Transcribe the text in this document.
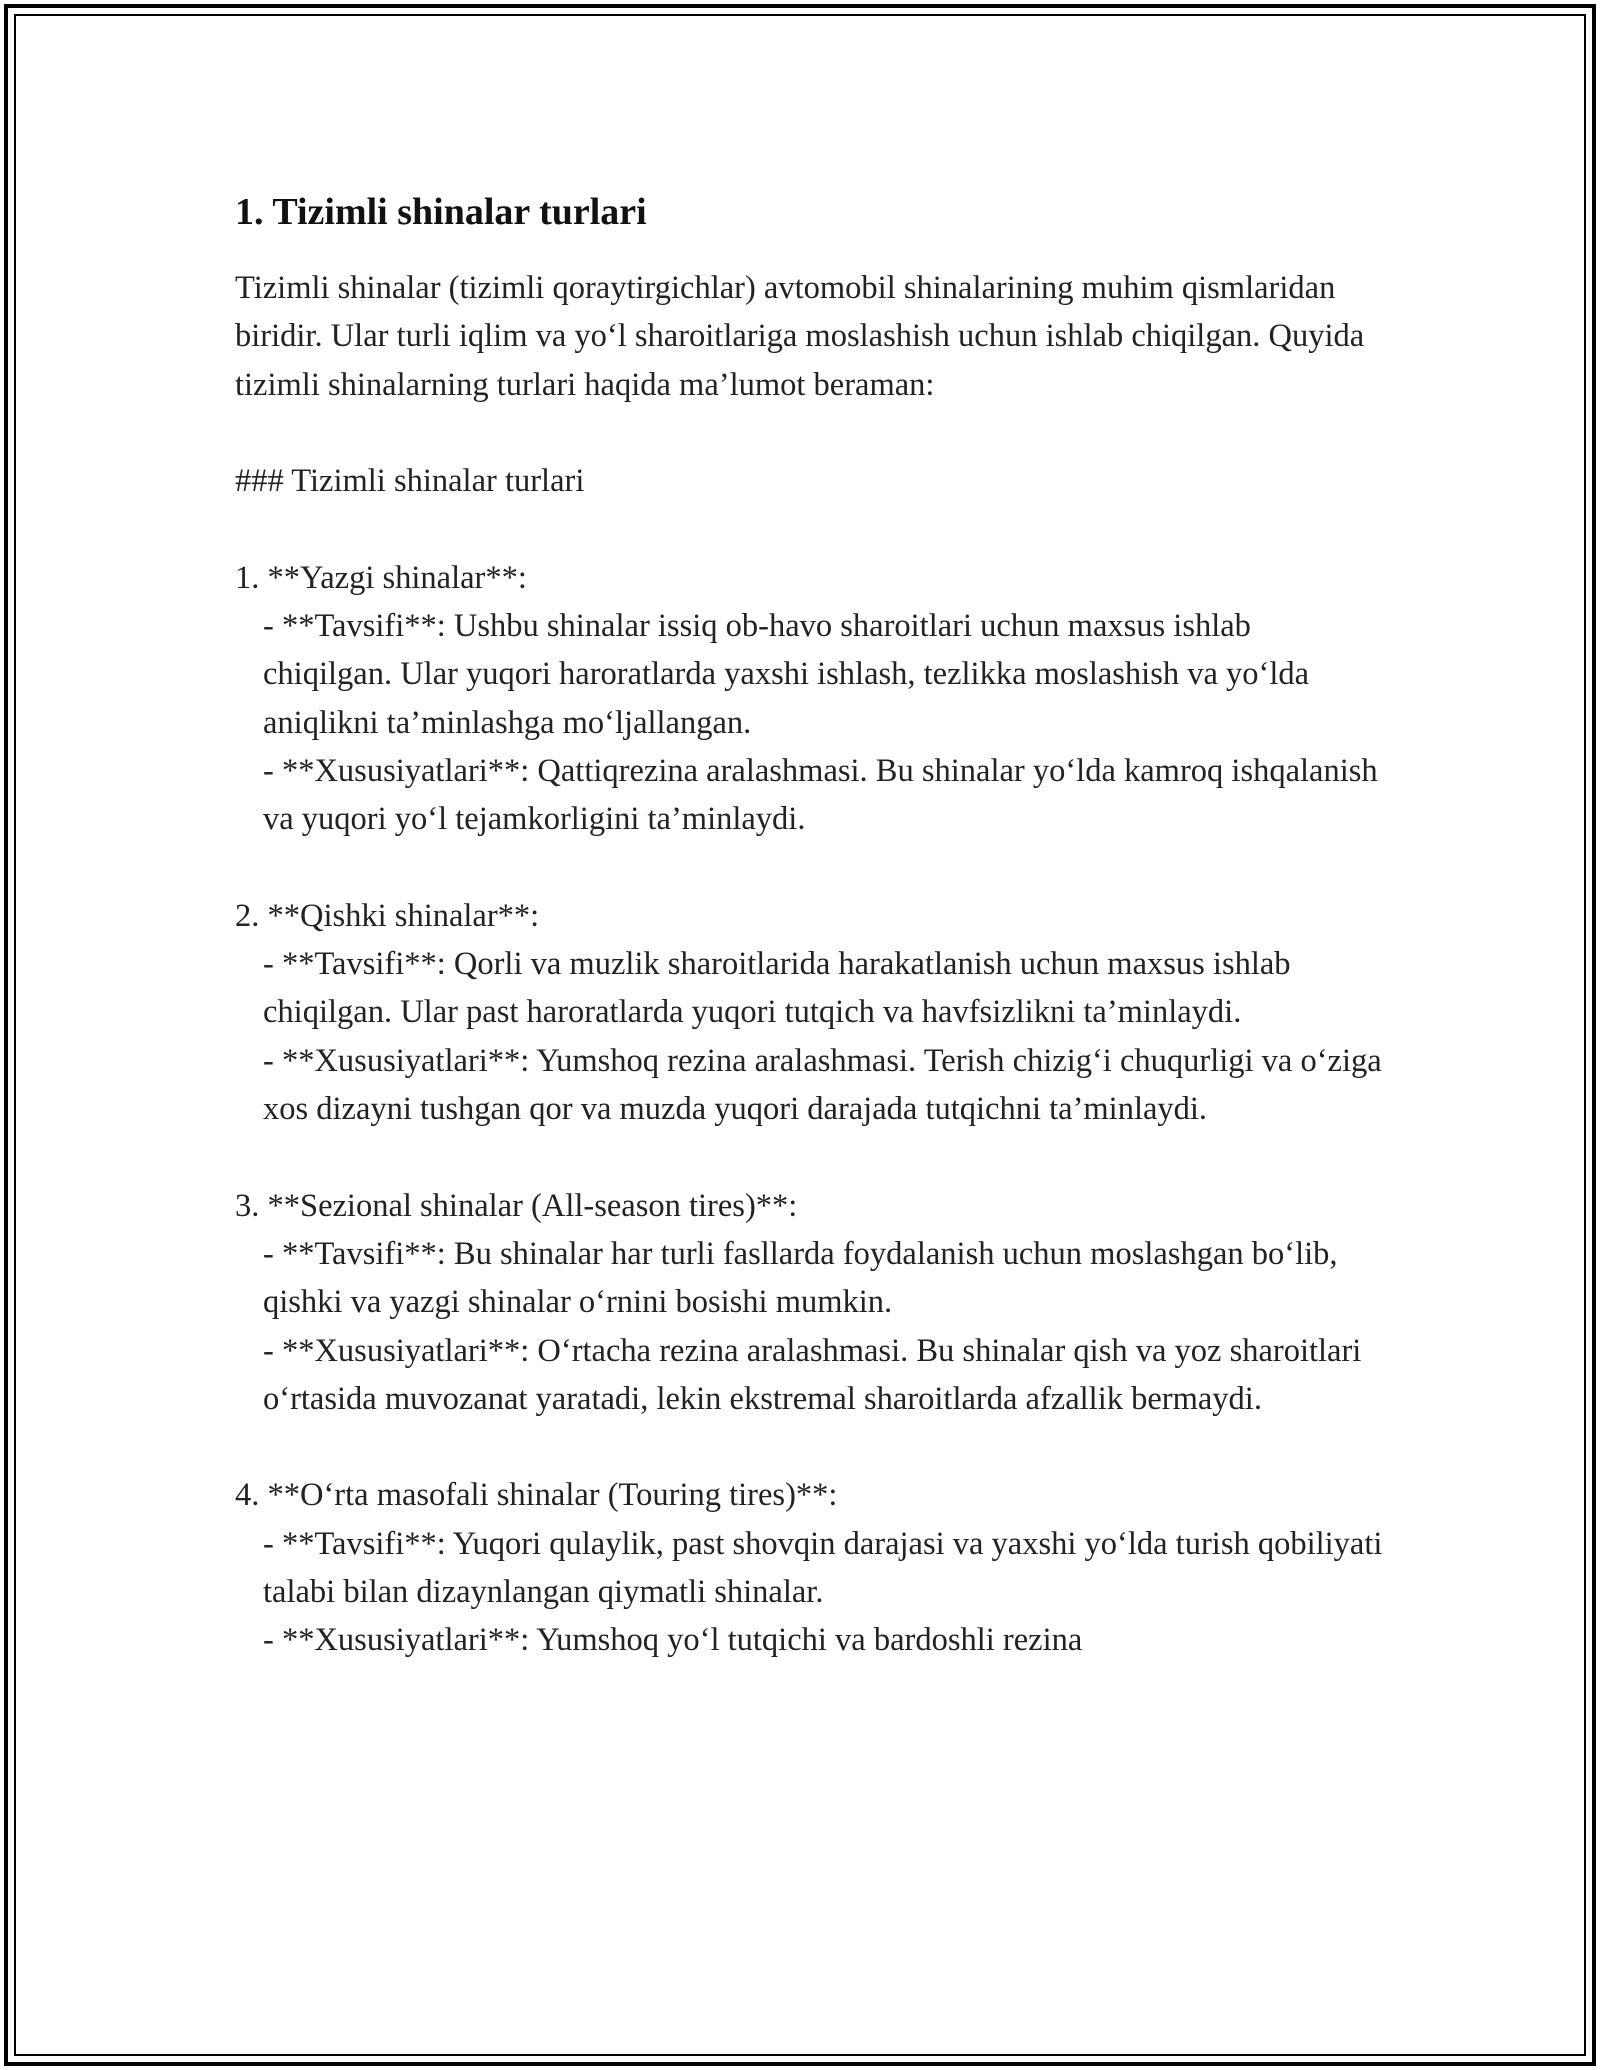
1. Tizimli shinalar turlari

Tizimli shinalar (tizimli qoraytirgichlar) avtomobil shinalarining muhim qismlaridan biridir. Ular turli iqlim va yo‘l sharoitlariga moslashish uchun ishlab chiqilgan. Quyida tizimli shinalarning turlari haqida ma’lumot beraman:

### Tizimli shinalar turlari

1. **Yazgi shinalar**:

- **Tavsifi**: Ushbu shinalar issiq ob-havo sharoitlari uchun maxsus ishlab chiqilgan. Ular yuqori haroratlarda yaxshi ishlash, tezlikka moslashish va yo‘lda aniqlikni ta’minlashga mo‘ljallangan.

- **Xususiyatlari**: Qattiqrezina aralashmasi. Bu shinalar yo‘lda kamroq ishqalanish va yuqori yo‘l tejamkorligini ta’minlaydi.

2. **Qishki shinalar**:

- **Tavsifi**: Qorli va muzlik sharoitlarida harakatlanish uchun maxsus ishlab chiqilgan. Ular past haroratlarda yuqori tutqich va havfsizlikni ta’minlaydi.

- **Xususiyatlari**: Yumshoq rezina aralashmasi. Terish chizig‘i chuqurligi va o‘ziga xos dizayni tushgan qor va muzda yuqori darajada tutqichni ta’minlaydi.

3. **Sezional shinalar (All-season tires)**:

- **Tavsifi**: Bu shinalar har turli fasllarda foydalanish uchun moslashgan bo‘lib, qishki va yazgi shinalar o‘rnini bosishi mumkin.

- **Xususiyatlari**: O‘rtacha rezina aralashmasi. Bu shinalar qish va yoz sharoitlari o‘rtasida muvozanat yaratadi, lekin ekstremal sharoitlarda afzallik bermaydi.

4. **O‘rta masofali shinalar (Touring tires)**:

- **Tavsifi**: Yuqori qulaylik, past shovqin darajasi va yaxshi yo‘lda turish qobiliyati talabi bilan dizaynlangan qiymatli shinalar.

- **Xususiyatlari**: Yumshoq yo‘l tutqichi va bardoshli rezina
